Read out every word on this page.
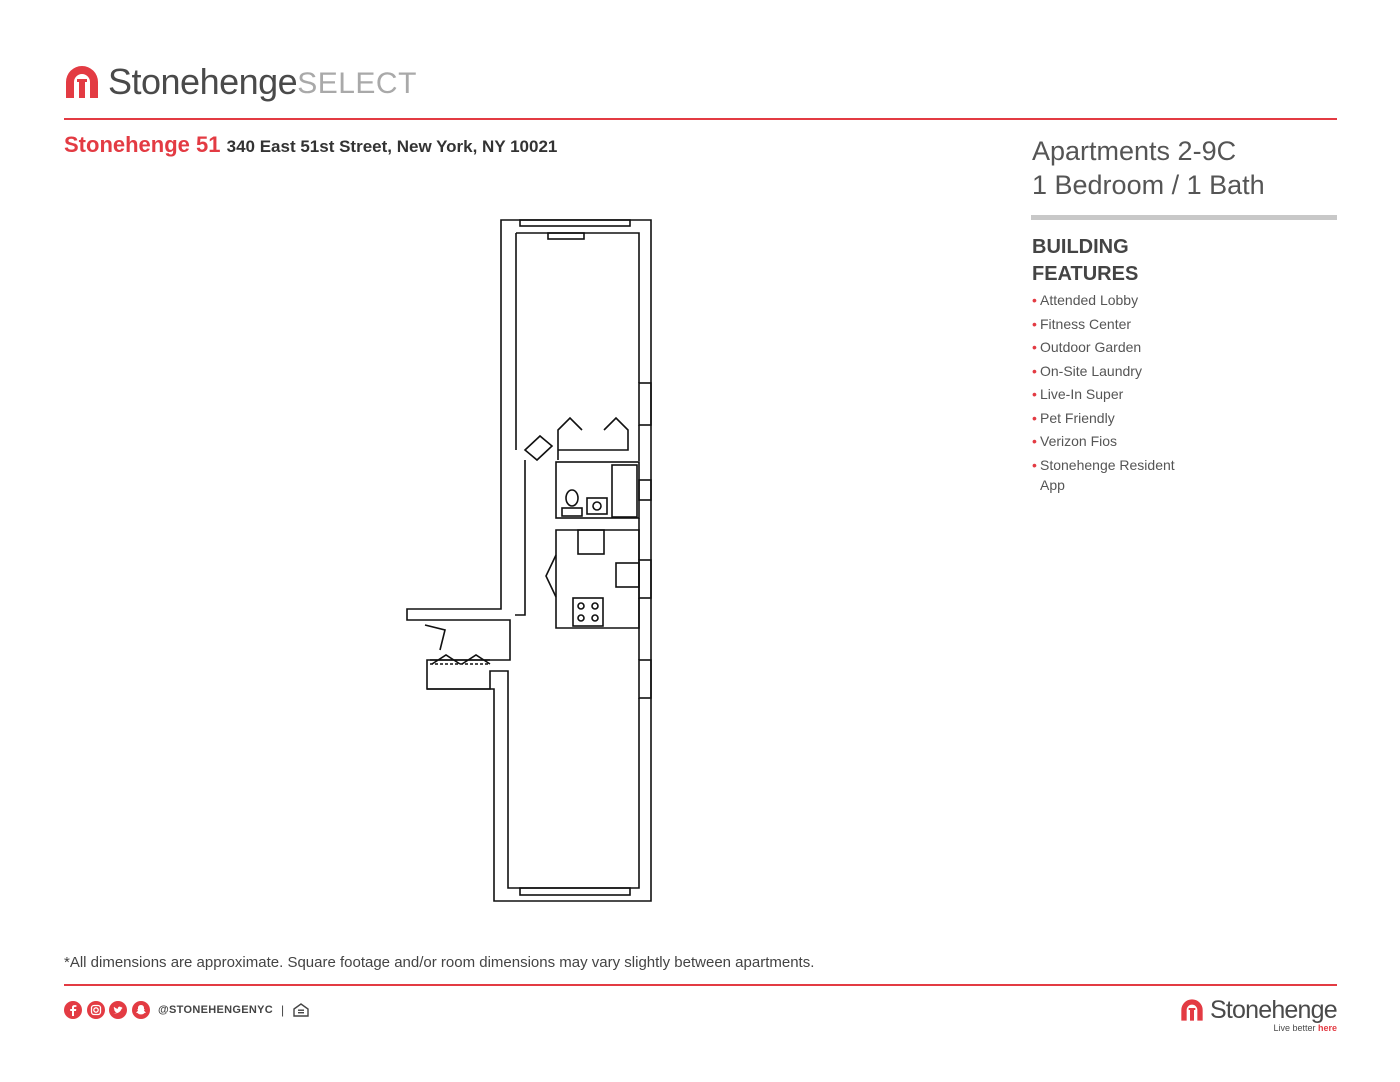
Stonehenge SELECT
Stonehenge 51 340 East 51st Street, New York, NY 10021	Apartments 2-9C
1 Bedroom / 1 Bath
BUILDING
FEATURES
• Attended Lobby
• Fitness Center
• Outdoor Garden
• On-Site Laundry
• Live-In Super
• Pet Friendly
• Verizon Fios
• Stonehenge Resident App
*All dimensions are approximate. Square footage and/or room dimensions may vary slightly between apartments.
@STONEHENGENYC |	Stonehenge
Live better here
